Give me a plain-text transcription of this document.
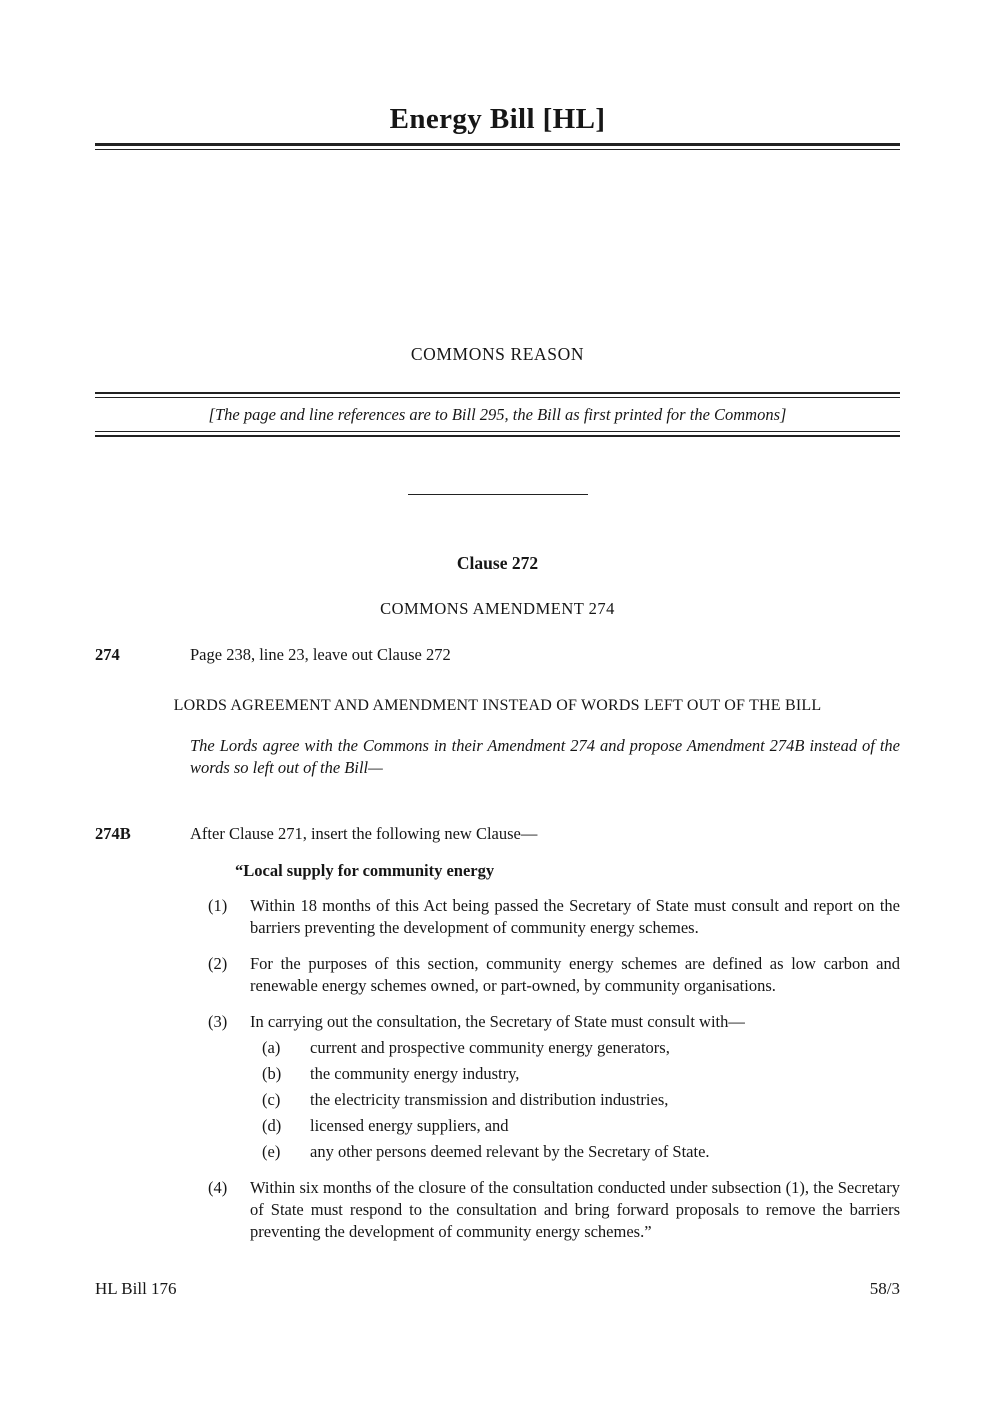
Energy Bill [HL]
COMMONS REASON
[The page and line references are to Bill 295, the Bill as first printed for the Commons]
Clause 272
COMMONS AMENDMENT 274
274	Page 238, line 23, leave out Clause 272
LORDS AGREEMENT AND AMENDMENT INSTEAD OF WORDS LEFT OUT OF THE BILL
The Lords agree with the Commons in their Amendment 274 and propose Amendment 274B instead of the words so left out of the Bill—
274B	After Clause 271, insert the following new Clause—
“Local supply for community energy
(1)	Within 18 months of this Act being passed the Secretary of State must consult and report on the barriers preventing the development of community energy schemes.
(2)	For the purposes of this section, community energy schemes are defined as low carbon and renewable energy schemes owned, or part-owned, by community organisations.
(3)	In carrying out the consultation, the Secretary of State must consult with—
(a)	current and prospective community energy generators,
(b)	the community energy industry,
(c)	the electricity transmission and distribution industries,
(d)	licensed energy suppliers, and
(e)	any other persons deemed relevant by the Secretary of State.
(4)	Within six months of the closure of the consultation conducted under subsection (1), the Secretary of State must respond to the consultation and bring forward proposals to remove the barriers preventing the development of community energy schemes.”
HL Bill 176	58/3
